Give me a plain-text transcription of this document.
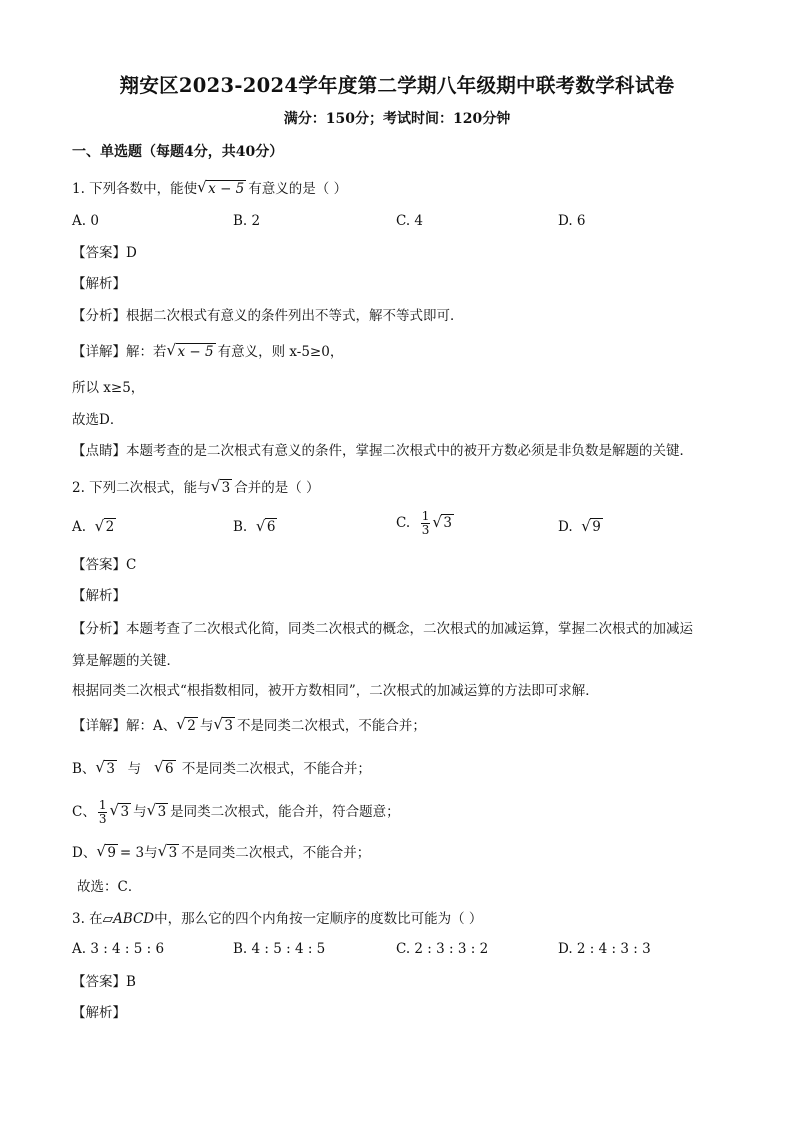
翔安区2023-2024学年度第二学期八年级期中联考数学科试卷
满分：150分；考试时间：120分钟
一、单选题（每题4分，共40分）
1. 下列各数中，能使 √ x − 5 有意义的是（ ）
A. 0	B. 2	C. 4	D. 6
【答案】D
【解析】
【分析】根据二次根式有意义的条件列出不等式，解不等式即可．
【详解】解：若 √ x − 5 有意义，则 x-5≥0，
所以 x≥5，
故选D．
【点睛】本题考查的是二次根式有意义的条件，掌握二次根式中的被开方数必须是非负数是解题的关键．
2. 下列二次根式，能与 √ 3 合并的是（ ）
A. √ 2	B. √ 6	C. $\frac{1}{3}$ √ 3	D. √ 9
【答案】C
【解析】
【分析】本题考查了二次根式化简，同类二次根式的概念，二次根式的加减运算，掌握二次根式的加减运
算是解题的关键．
根据同类二次根式“根指数相同，被开方数相同”，二次根式的加减运算的方法即可求解．
【详解】解：A、 √ 2 与 √ 3 不是同类二次根式，不能合并；
B、 √ 3 与 √ 6 不是同类二次根式，不能合并；
C、 $\frac{1}{3}$ √ 3 与 √ 3 是同类二次根式，能合并，符合题意；
D、 √ 9 = 3与 √ 3 不是同类二次根式，不能合并；
故选：C．
3. 在▱ABCD中，那么它的四个内角按一定顺序的度数比可能为（ ）
A. 3 : 4 : 5 : 6	B. 4 : 5 : 4 : 5	C. 2 : 3 : 3 : 2	D. 2 : 4 : 3 : 3
【答案】B
【解析】
